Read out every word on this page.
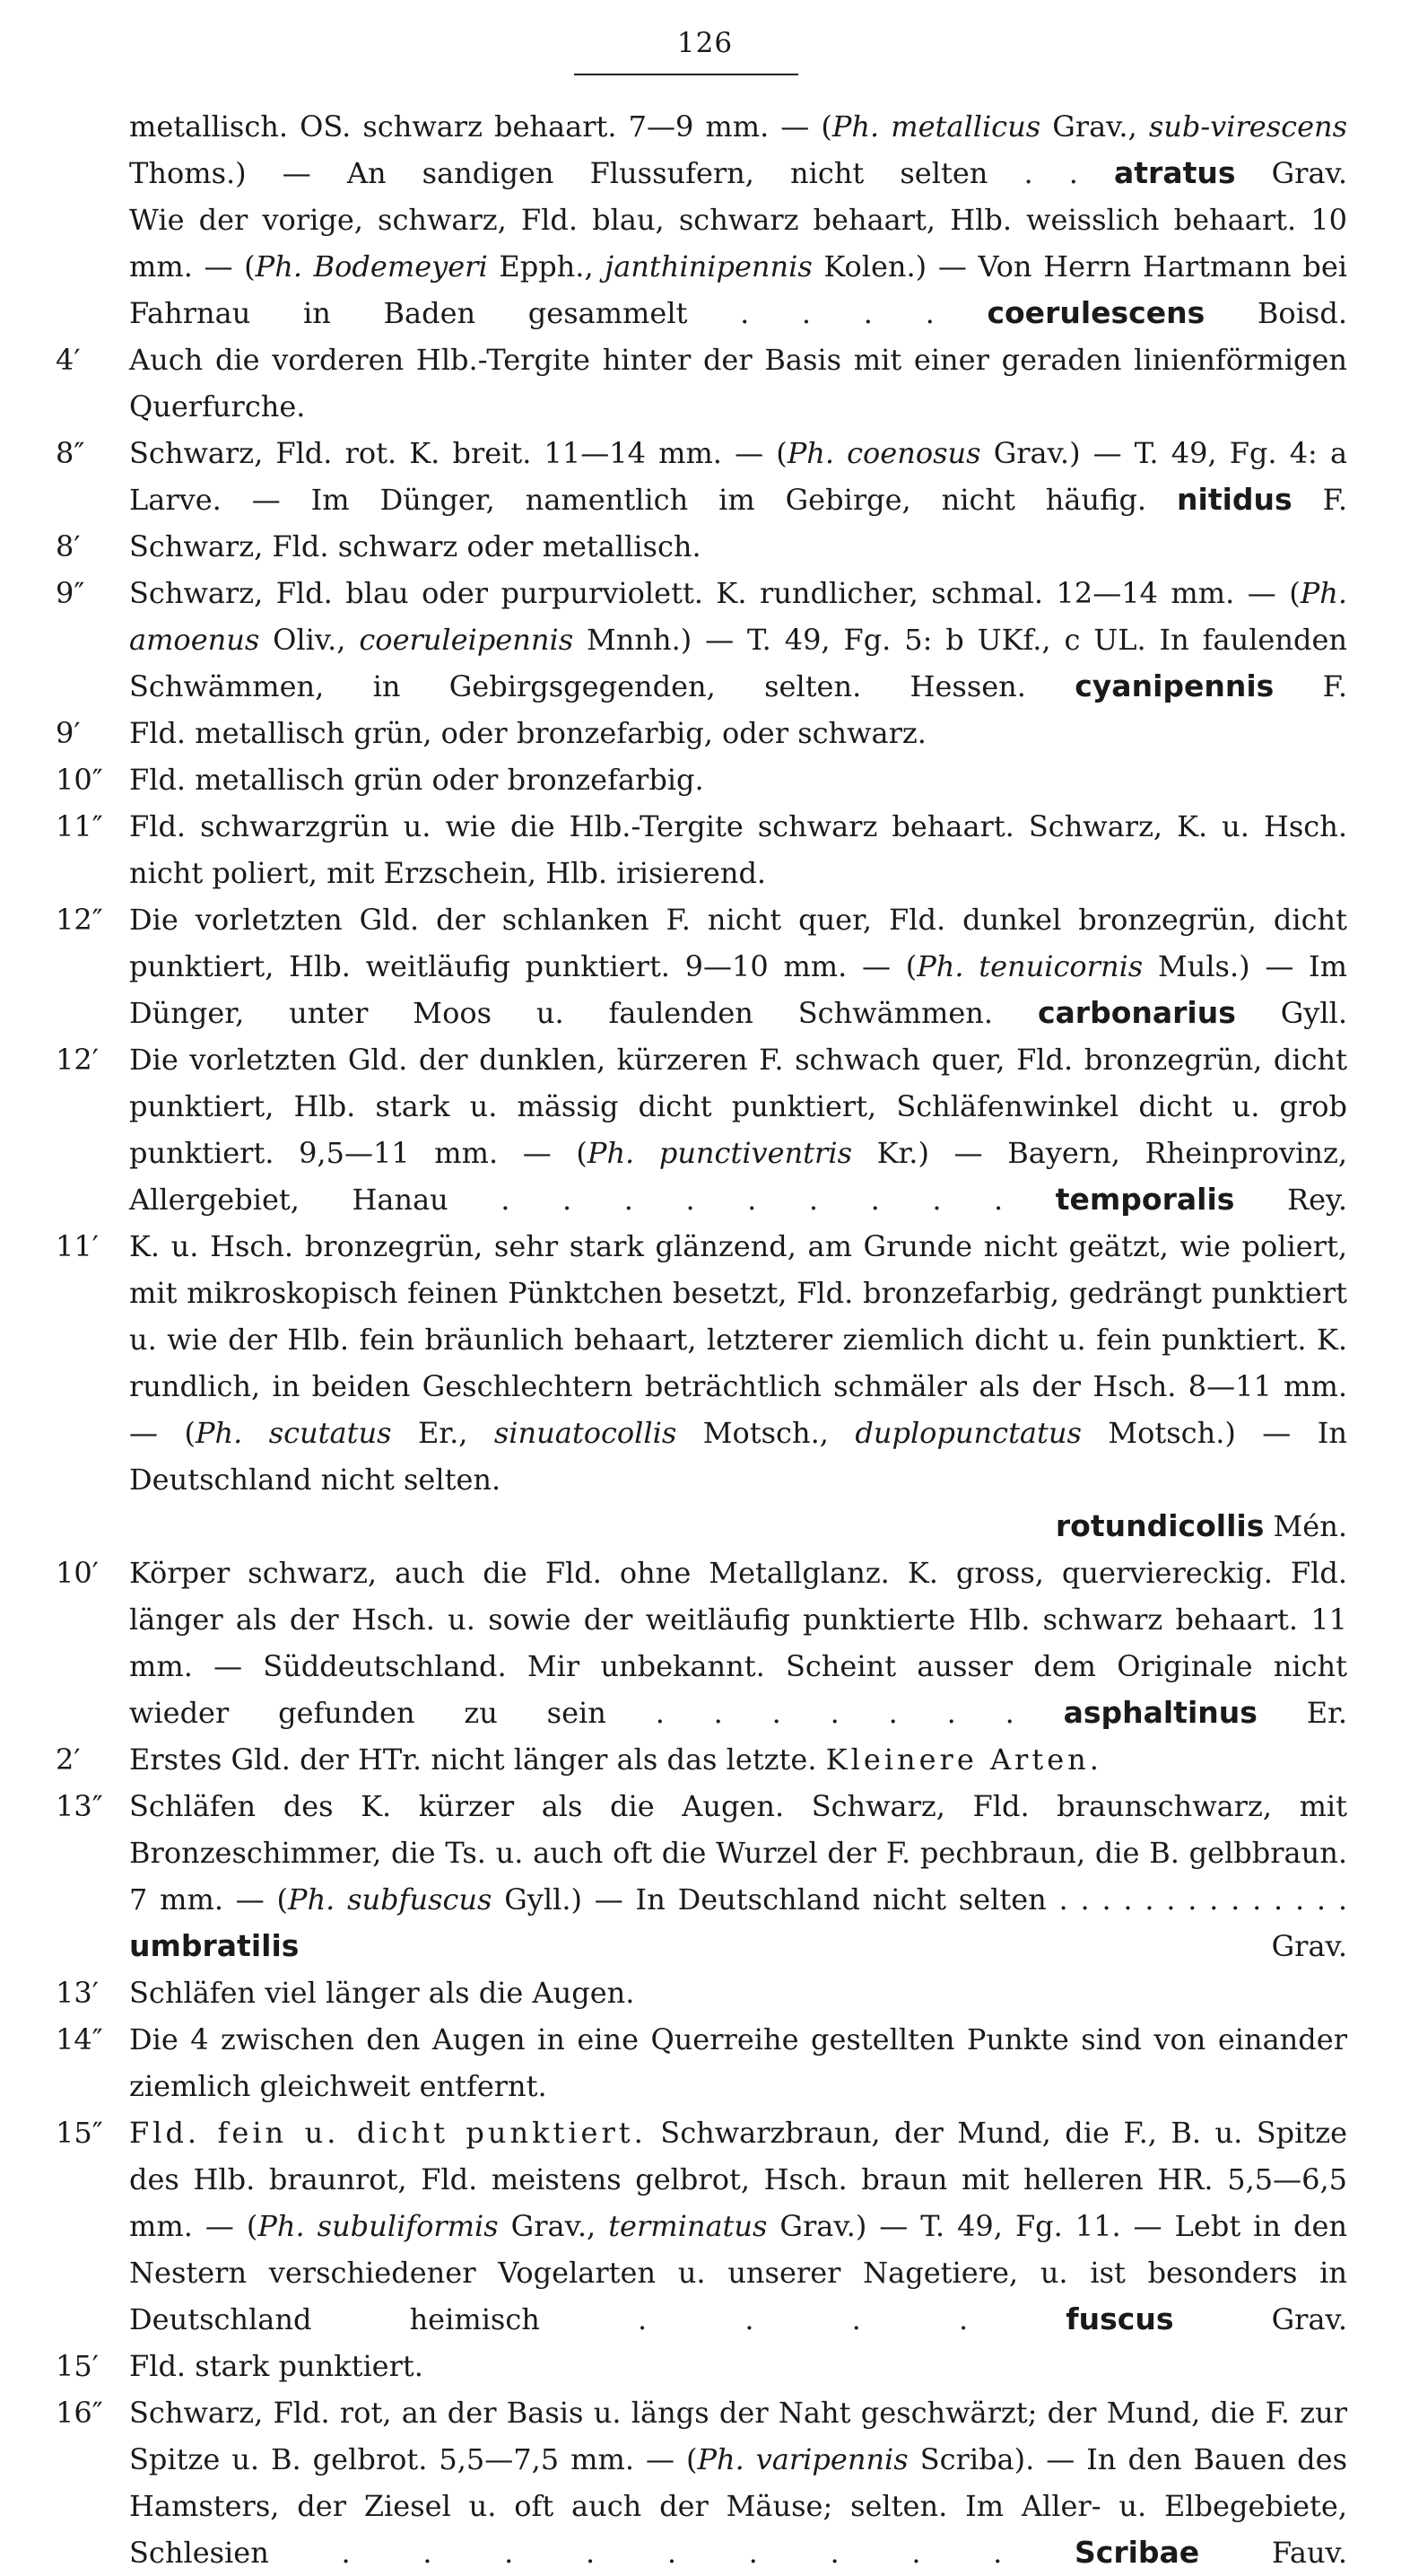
126
metallisch. OS. schwarz behaart. 7—9 mm. — (Ph. metallicus Grav., sub-virescens Thoms.) — An sandigen Flussufern, nicht selten . . atratus Grav.
Wie der vorige, schwarz, Fld. blau, schwarz behaart, Hlb. weisslich behaart. 10 mm. — (Ph. Bodemeyeri Epph., janthinipennis Kolen.) — Von Herrn Hartmann bei Fahrnau in Baden gesammelt . . . . coerulescens Boisd.
4′	Auch die vorderen Hlb.-Tergite hinter der Basis mit einer geraden linienförmigen Querfurche.
8″	Schwarz, Fld. rot. K. breit. 11—14 mm. — (Ph. coenosus Grav.) — T. 49, Fg. 4: a Larve. — Im Dünger, namentlich im Gebirge, nicht häufig. nitidus F.
8′	Schwarz, Fld. schwarz oder metallisch.
9″	Schwarz, Fld. blau oder purpurviolett. K. rundlicher, schmal. 12—14 mm. — (Ph. amoenus Oliv., coeruleipennis Mnnh.) — T. 49, Fg. 5: b UKf., c UL. In faulenden Schwämmen, in Gebirgsgegenden, selten. Hessen. cyanipennis F.
9′	Fld. metallisch grün, oder bronzefarbig, oder schwarz.
10″ Fld. metallisch grün oder bronzefarbig.
11″ Fld. schwarzgrün u. wie die Hlb.-Tergite schwarz behaart. Schwarz, K. u. Hsch. nicht poliert, mit Erzschein, Hlb. irisierend.
12″ Die vorletzten Gld. der schlanken F. nicht quer, Fld. dunkel bronzegrün, dicht punktiert, Hlb. weitläufig punktiert. 9—10 mm. — (Ph. tenuicornis Muls.) — Im Dünger, unter Moos u. faulenden Schwämmen. carbonarius Gyll.
12′	Die vorletzten Gld. der dunklen, kürzeren F. schwach quer, Fld. bronzegrün, dicht punktiert, Hlb. stark u. mässig dicht punktiert, Schläfenwinkel dicht u. grob punktiert. 9,5—11 mm. — (Ph. punctiventris Kr.) — Bayern, Rheinprovinz, Allergebiet, Hanau . . . . . . . . . temporalis Rey.
11′	K. u. Hsch. bronzegrün, sehr stark glänzend, am Grunde nicht geätzt, wie poliert, mit mikroskopisch feinen Pünktchen besetzt, Fld. bronzefarbig, gedrängt punktiert u. wie der Hlb. fein bräunlich behaart, letzterer ziemlich dicht u. fein punktiert. K. rundlich, in beiden Geschlechtern beträchtlich schmäler als der Hsch. 8—11 mm. — (Ph. scutatus Er., sinuatocollis Motsch., duplopunctatus Motsch.) — In Deutschland nicht selten.
rotundicollis Mén.
10′	Körper schwarz, auch die Fld. ohne Metallglanz. K. gross, querviereckig. Fld. länger als der Hsch. u. sowie der weitläufig punktierte Hlb. schwarz behaart. 11 mm. — Süddeutschland. Mir unbekannt. Scheint ausser dem Originale nicht wieder gefunden zu sein . . . . . . . asphaltinus Er.
2′	Erstes Gld. der HTr. nicht länger als das letzte. Kleinere Arten.
13″ Schläfen des K. kürzer als die Augen. Schwarz, Fld. braunschwarz, mit Bronzeschimmer, die Ts. u. auch oft die Wurzel der F. pechbraun, die B. gelbbraun. 7 mm. — (Ph. subfuscus Gyll.) — In Deutschland nicht selten . . . . . . . . . . . . . . umbratilis Grav.
13′	Schläfen viel länger als die Augen.
14″ Die 4 zwischen den Augen in eine Querreihe gestellten Punkte sind von einander ziemlich gleichweit entfernt.
15″ Fld. fein u. dicht punktiert. Schwarzbraun, der Mund, die F., B. u. Spitze des Hlb. braunrot, Fld. meistens gelbrot, Hsch. braun mit helleren HR. 5,5—6,5 mm. — (Ph. subuliformis Grav., terminatus Grav.) — T. 49, Fg. 11. — Lebt in den Nestern verschiedener Vogelarten u. unserer Nagetiere, u. ist besonders in Deutschland heimisch . . . . fuscus Grav.
15′	Fld. stark punktiert.
16″ Schwarz, Fld. rot, an der Basis u. längs der Naht geschwärzt; der Mund, die F. zur Spitze u. B. gelbrot. 5,5—7,5 mm. — (Ph. varipennis Scriba). — In den Bauen des Hamsters, der Ziesel u. oft auch der Mäuse; selten. Im Aller- u. Elbegebiete, Schlesien . . . . . . . . . Scribae Fauv.
